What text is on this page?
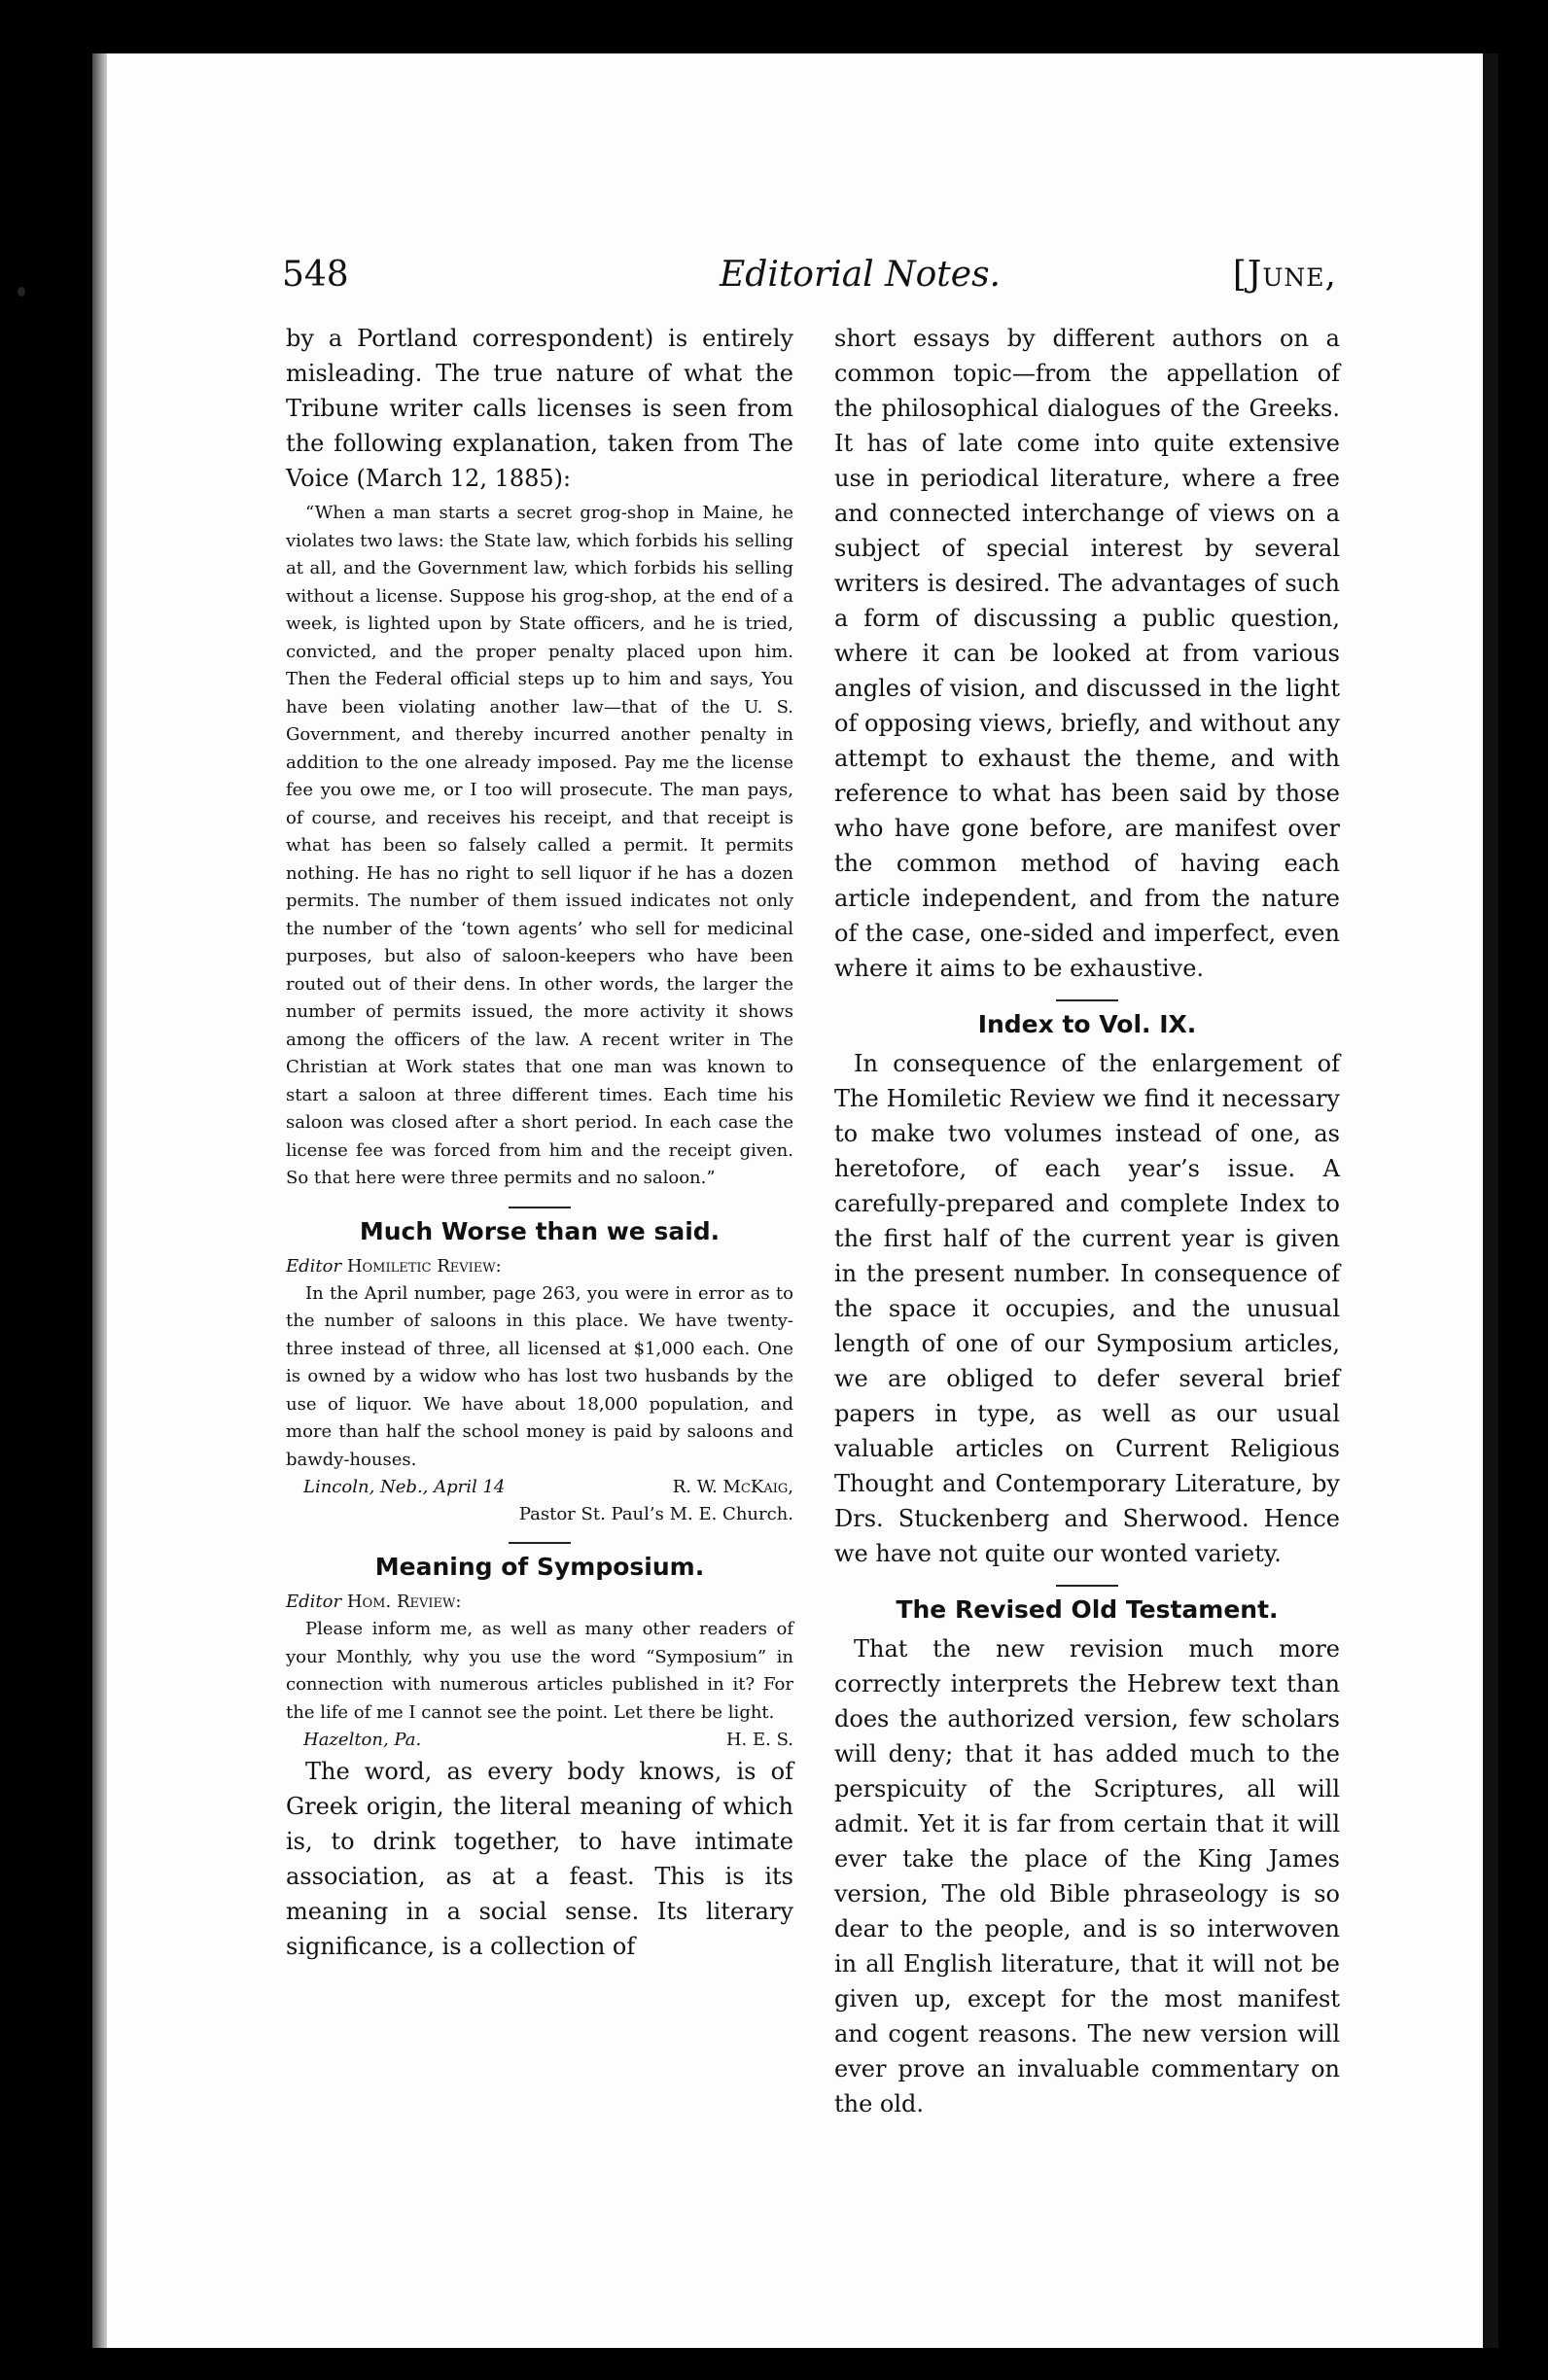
548	Editorial Notes.	[June,

by a Portland correspondent) is entirely misleading. The true nature of what the Tribune writer calls licenses is seen from the following explanation, taken from The Voice (March 12, 1885):

“When a man starts a secret grog-shop in Maine, he violates two laws: the State law, which forbids his selling at all, and the Government law, which forbids his selling without a license. Suppose his grog-shop, at the end of a week, is lighted upon by State officers, and he is tried, convicted, and the proper penalty placed upon him. Then the Federal official steps up to him and says, You have been violating another law—that of the U. S. Government, and thereby incurred another penalty in addition to the one already imposed. Pay me the license fee you owe me, or I too will prosecute. The man pays, of course, and receives his receipt, and that receipt is what has been so falsely called a permit. It permits nothing. He has no right to sell liquor if he has a dozen permits. The number of them issued indicates not only the number of the ‘town agents’ who sell for medicinal purposes, but also of saloon-keepers who have been routed out of their dens. In other words, the larger the number of permits issued, the more activity it shows among the officers of the law. A recent writer in The Christian at Work states that one man was known to start a saloon at three different times. Each time his saloon was closed after a short period. In each case the license fee was forced from him and the receipt given. So that here were three permits and no saloon.”

Much Worse than we said.
Editor Homiletic Review:

In the April number, page 263, you were in error as to the number of saloons in this place. We have twenty-three instead of three, all licensed at $1,000 each. One is owned by a widow who has lost two husbands by the use of liquor. We have about 18,000 population, and more than half the school money is paid by saloons and bawdy-houses.

Lincoln, Neb., April 14	R. W. McKaig,
Pastor St. Paul’s M. E. Church.
Meaning of Symposium.
Editor Hom. Review:

Please inform me, as well as many other readers of your Monthly, why you use the word “Symposium” in connection with numerous articles published in it? For the life of me I cannot see the point. Let there be light.

Hazelton, Pa.	H. E. S.

The word, as every body knows, is of Greek origin, the literal meaning of which is, to drink together, to have intimate association, as at a feast. This is its meaning in a social sense. Its literary significance, is a collection of

short essays by different authors on a common topic—from the appellation of the philosophical dialogues of the Greeks. It has of late come into quite extensive use in periodical literature, where a free and connected interchange of views on a subject of special interest by several writers is desired. The advantages of such a form of discussing a public question, where it can be looked at from various angles of vision, and discussed in the light of opposing views, briefly, and without any attempt to exhaust the theme, and with reference to what has been said by those who have gone before, are manifest over the common method of having each article independent, and from the nature of the case, one-sided and imperfect, even where it aims to be exhaustive.

Index to Vol. IX.

In consequence of the enlargement of The Homiletic Review we find it necessary to make two volumes instead of one, as heretofore, of each year’s issue. A carefully-prepared and complete Index to the first half of the current year is given in the present number. In consequence of the space it occupies, and the unusual length of one of our Symposium articles, we are obliged to defer several brief papers in type, as well as our usual valuable articles on Current Religious Thought and Contemporary Literature, by Drs. Stuckenberg and Sherwood. Hence we have not quite our wonted variety.

The Revised Old Testament.

That the new revision much more correctly interprets the Hebrew text than does the authorized version, few scholars will deny; that it has added much to the perspicuity of the Scriptures, all will admit. Yet it is far from certain that it will ever take the place of the King James version, The old Bible phraseology is so dear to the people, and is so interwoven in all English literature, that it will not be given up, except for the most manifest and cogent reasons. The new version will ever prove an invaluable commentary on the old.
